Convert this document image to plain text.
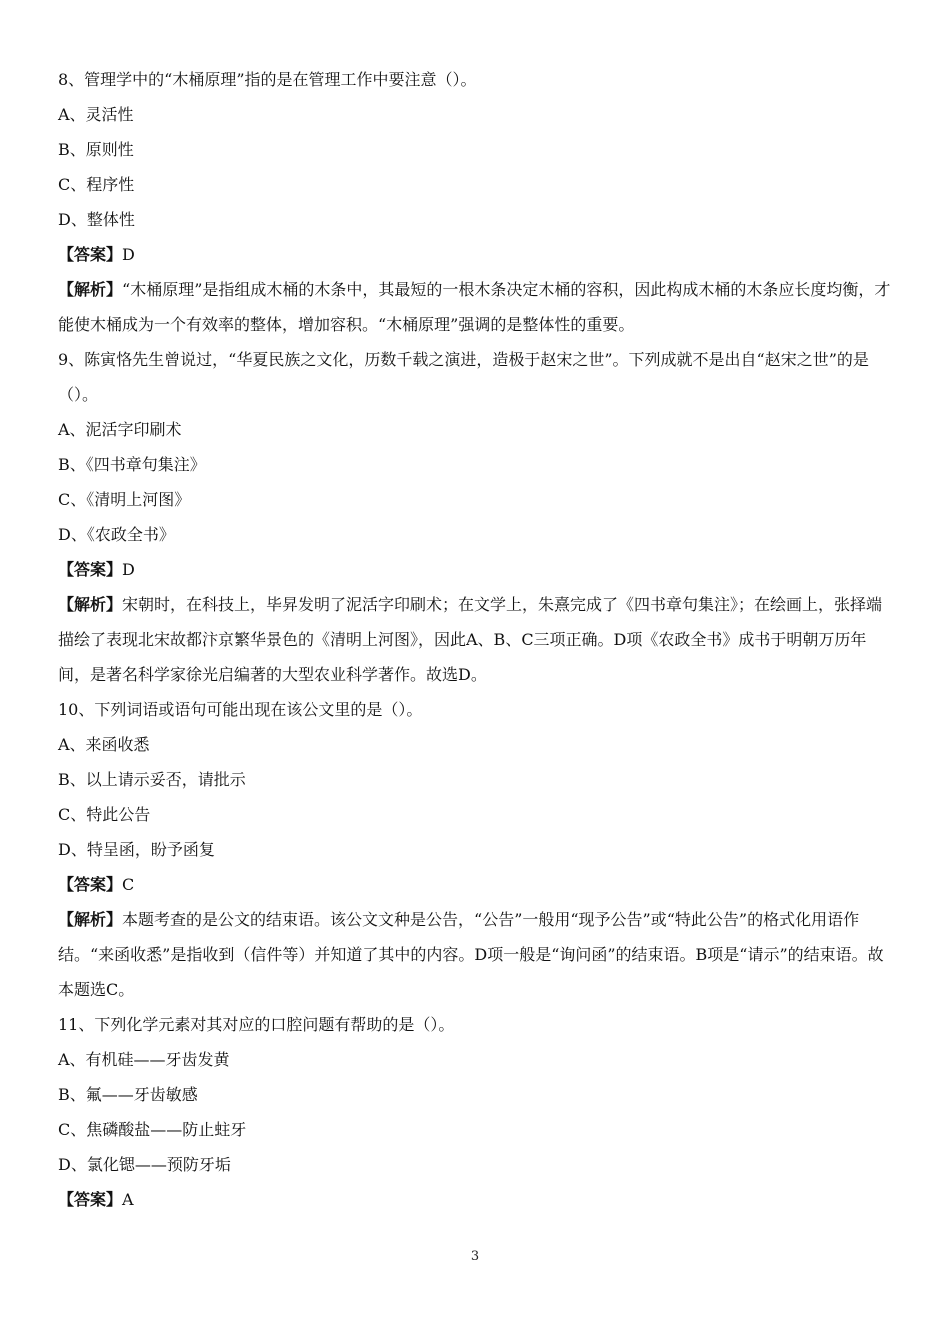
8、管理学中的“木桶原理”指的是在管理工作中要注意（）。
A、灵活性
B、原则性
C、程序性
D、整体性
【答案】D
【解析】“木桶原理”是指组成木桶的木条中，其最短的一根木条决定木桶的容积，因此构成木桶的木条应长度均衡，才能使木桶成为一个有效率的整体，增加容积。“木桶原理”强调的是整体性的重要。
9、陈寅恪先生曾说过，“华夏民族之文化，历数千载之演进，造极于赵宋之世”。下列成就不是出自“赵宋之世”的是（）。
A、泥活字印刷术
B、《四书章句集注》
C、《清明上河图》
D、《农政全书》
【答案】D
【解析】宋朝时，在科技上，毕昇发明了泥活字印刷术；在文学上，朱熹完成了《四书章句集注》；在绘画上，张择端描绘了表现北宋故都汴京繁华景色的《清明上河图》，因此A、B、C三项正确。D项《农政全书》成书于明朝万历年间，是著名科学家徐光启编著的大型农业科学著作。故选D。
10、下列词语或语句可能出现在该公文里的是（）。
A、来函收悉
B、以上请示妥否，请批示
C、特此公告
D、特呈函，盼予函复
【答案】C
【解析】本题考查的是公文的结束语。该公文文种是公告，“公告”一般用“现予公告”或“特此公告”的格式化用语作结。“来函收悉”是指收到（信件等）并知道了其中的内容。D项一般是“询问函”的结束语。B项是“请示”的结束语。故本题选C。
11、下列化学元素对其对应的口腔问题有帮助的是（）。
A、有机硅——牙齿发黄
B、氟——牙齿敏感
C、焦磷酸盐——防止蛀牙
D、氯化锶——预防牙垢
【答案】A
3
